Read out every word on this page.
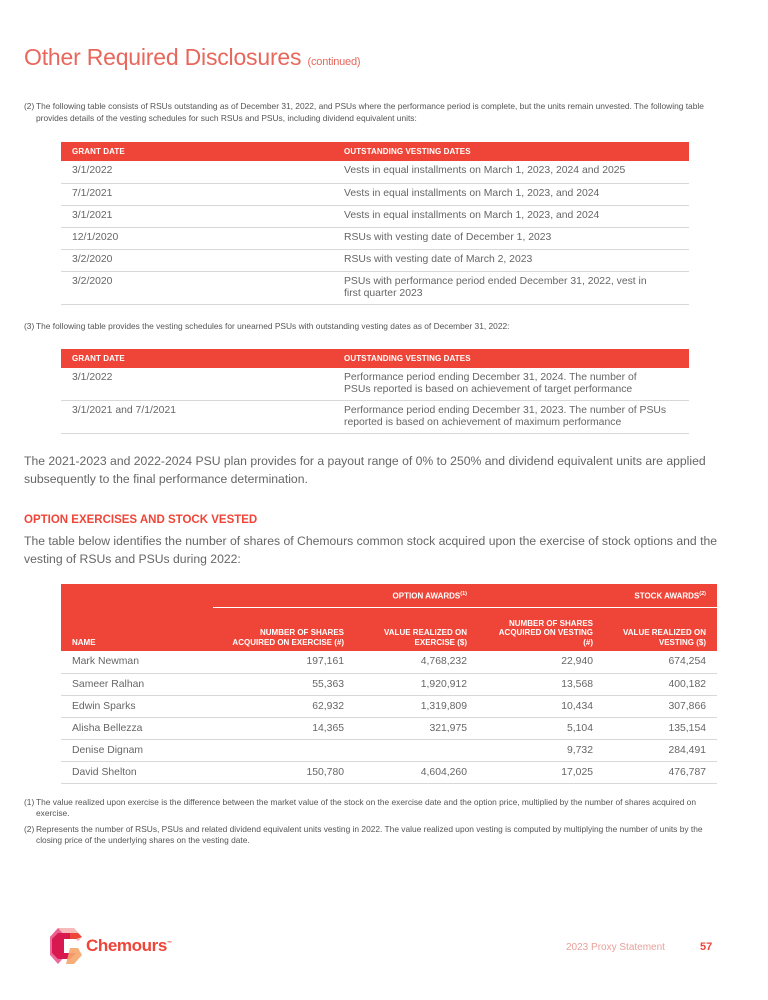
Other Required Disclosures (continued)
(2) The following table consists of RSUs outstanding as of December 31, 2022, and PSUs where the performance period is complete, but the units remain unvested. The following table provides details of the vesting schedules for such RSUs and PSUs, including dividend equivalent units:
GRANT DATE	OUTSTANDING VESTING DATES
3/1/2022	Vests in equal installments on March 1, 2023, 2024 and 2025
7/1/2021	Vests in equal installments on March 1, 2023, and 2024
3/1/2021	Vests in equal installments on March 1, 2023, and 2024
12/1/2020	RSUs with vesting date of December 1, 2023
3/2/2020	RSUs with vesting date of March 2, 2023
3/2/2020	PSUs with performance period ended December 31, 2022, vest in first quarter 2023
(3) The following table provides the vesting schedules for unearned PSUs with outstanding vesting dates as of December 31, 2022:
GRANT DATE	OUTSTANDING VESTING DATES
3/1/2022	Performance period ending December 31, 2024. The number of PSUs reported is based on achievement of target performance
3/1/2021 and 7/1/2021	Performance period ending December 31, 2023. The number of PSUs reported is based on achievement of maximum performance
The 2021-2023 and 2022-2024 PSU plan provides for a payout range of 0% to 250% and dividend equivalent units are applied subsequently to the final performance determination.
OPTION EXERCISES AND STOCK VESTED
The table below identifies the number of shares of Chemours common stock acquired upon the exercise of stock options and the vesting of RSUs and PSUs during 2022:
		OPTION AWARDS$^{(1)}$		STOCK AWARDS$^{(2)}$
NAME	NUMBER OF SHARES ACQUIRED ON EXERCISE (#)	VALUE REALIZED ON EXERCISE ($)	NUMBER OF SHARES ACQUIRED ON VESTING (#)	VALUE REALIZED ON VESTING ($)
Mark Newman	197,161	4,768,232	22,940	674,254
Sameer Ralhan	55,363	1,920,912	13,568	400,182
Edwin Sparks	62,932	1,319,809	10,434	307,866
Alisha Bellezza	14,365	321,975	5,104	135,154
Denise Dignam			9,732	284,491
David Shelton	150,780	4,604,260	17,025	476,787
(1) The value realized upon exercise is the difference between the market value of the stock on the exercise date and the option price, multiplied by the number of shares acquired on exercise.
(2) Represents the number of RSUs, PSUs and related dividend equivalent units vesting in 2022. The value realized upon vesting is computed by multiplying the number of units by the closing price of the underlying shares on the vesting date.
Chemours™	2023 Proxy Statement	57
